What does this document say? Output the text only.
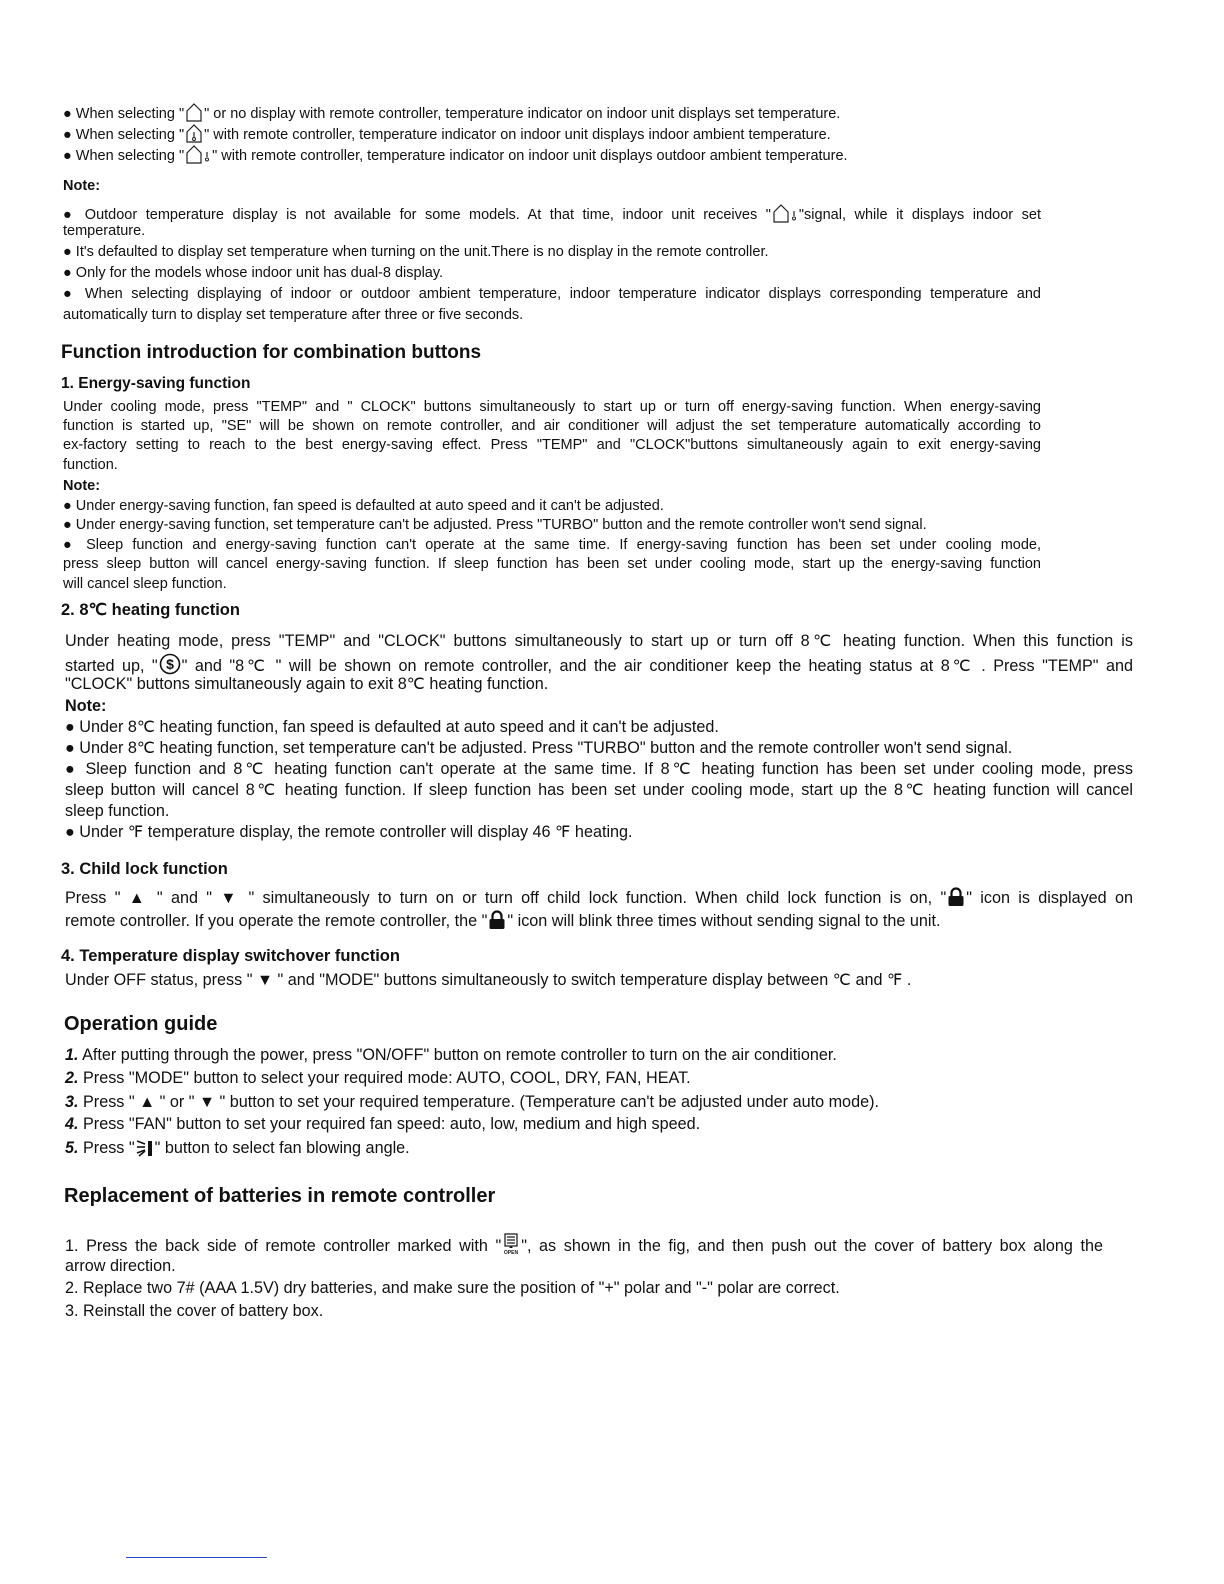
● When selecting " " or no display with remote controller, temperature indicator on indoor unit displays set temperature.

● When selecting " " with remote controller, temperature indicator on indoor unit displays indoor ambient temperature.

● When selecting " " with remote controller, temperature indicator on indoor unit displays outdoor ambient temperature.

Note:

● Outdoor temperature display is not available for some models. At that time, indoor unit receives " "signal, while it displays indoor set

temperature.

● It's defaulted to display set temperature when turning on the unit.There is no display in the remote controller.

● Only for the models whose indoor unit has dual-8 display.

● When selecting displaying of indoor or outdoor ambient temperature, indoor temperature indicator displays corresponding temperature and

automatically turn to display set temperature after three or five seconds.

Function introduction for combination buttons

1. Energy-saving function

Under cooling mode, press "TEMP" and " CLOCK" buttons simultaneously to start up or turn off energy-saving function. When energy-saving

function is started up, "SE" will be shown on remote controller, and air conditioner will adjust the set temperature automatically according to

ex-factory setting to reach to the best energy-saving effect. Press "TEMP" and "CLOCK"buttons simultaneously again to exit energy-saving

function.

Note:

● Under energy-saving function, fan speed is defaulted at auto speed and it can't be adjusted.

● Under energy-saving function, set temperature can't be adjusted. Press "TURBO" button and the remote controller won't send signal.

● Sleep function and energy-saving function can't operate at the same time. If energy-saving function has been set under cooling mode,

press sleep button will cancel energy-saving function. If sleep function has been set under cooling mode, start up the energy-saving function

will cancel sleep function.

2. 8℃ heating function

Under heating mode, press "TEMP" and "CLOCK" buttons simultaneously to start up or turn off 8℃ heating function. When this function is

started up, " $ " and "8℃ " will be shown on remote controller, and the air conditioner keep the heating status at 8℃ . Press "TEMP" and

"CLOCK" buttons simultaneously again to exit 8℃ heating function.

Note:

● Under 8℃ heating function, fan speed is defaulted at auto speed and it can't be adjusted.

● Under 8℃ heating function, set temperature can't be adjusted. Press "TURBO" button and the remote controller won't send signal.

● Sleep function and 8℃ heating function can't operate at the same time. If 8℃ heating function has been set under cooling mode, press

sleep button will cancel 8℃ heating function. If sleep function has been set under cooling mode, start up the 8℃ heating function will cancel

sleep function.

● Under ℉ temperature display, the remote controller will display 46 ℉ heating.

3. Child lock function

Press " ▲ " and " ▼ " simultaneously to turn on or turn off child lock function. When child lock function is on, " " icon is displayed on

remote controller. If you operate the remote controller, the " " icon will blink three times without sending signal to the unit.

4. Temperature display switchover function

Under OFF status, press " ▼ " and "MODE" buttons simultaneously to switch temperature display between ℃ and ℉ .

Operation guide

1. After putting through the power, press "ON/OFF" button on remote controller to turn on the air conditioner.

2. Press "MODE" button to select your required mode: AUTO, COOL, DRY, FAN, HEAT.

3. Press " ▲ " or " ▼ " button to set your required temperature. (Temperature can't be adjusted under auto mode).

4. Press "FAN" button to set your required fan speed: auto, low, medium and high speed.

5. Press " " button to select fan blowing angle.

Replacement of batteries in remote controller

1. Press the back side of remote controller marked with " OPEN ", as shown in the fig, and then push out the cover of battery box along the

arrow direction.

2. Replace two 7# (AAA 1.5V) dry batteries, and make sure the position of "+" polar and "-" polar are correct.

3. Reinstall the cover of battery box.
